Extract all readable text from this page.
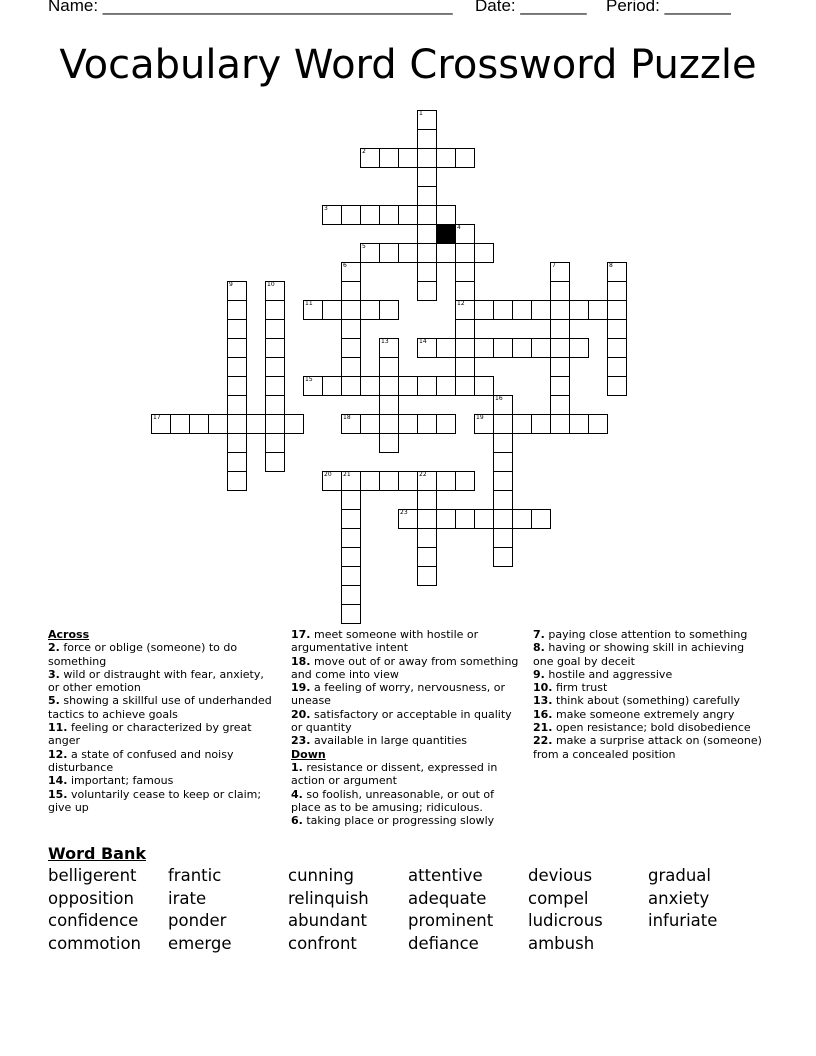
Name: _____________________________________ Date: _______ Period: _______
Vocabulary Word Crossword Puzzle
1
2
3
4
12
5
6	7	8
9	10
11
13	14
15
16
17	18	19
20 21	22
23
Across
2. force or oblige (someone) to do something
3. wild or distraught with fear, anxiety, or other emotion
5. showing a skillful use of underhanded tactics to achieve goals
11. feeling or characterized by great anger
12. a state of confused and noisy disturbance
14. important; famous
15. voluntarily cease to keep or claim; give up
17. meet someone with hostile or argumentative intent
18. move out of or away from something and come into view
19. a feeling of worry, nervousness, or unease
20. satisfactory or acceptable in quality or quantity
23. available in large quantities
Down
1. resistance or dissent, expressed in action or argument
4. so foolish, unreasonable, or out of place as to be amusing; ridiculous.
6. taking place or progressing slowly
7. paying close attention to something
8. having or showing skill in achieving one goal by deceit
9. hostile and aggressive
10. firm trust
13. think about (something) carefully
16. make someone extremely angry
21. open resistance; bold disobedience
22. make a surprise attack on (someone) from a concealed position
Word Bank
belligerent frantic	cunning	attentive	devious	gradual
opposition irate	relinquish adequate	compel	anxiety
confidence ponder	abundant prominent ludicrous	infuriate
commotion emerge	confront	defiance	ambush
